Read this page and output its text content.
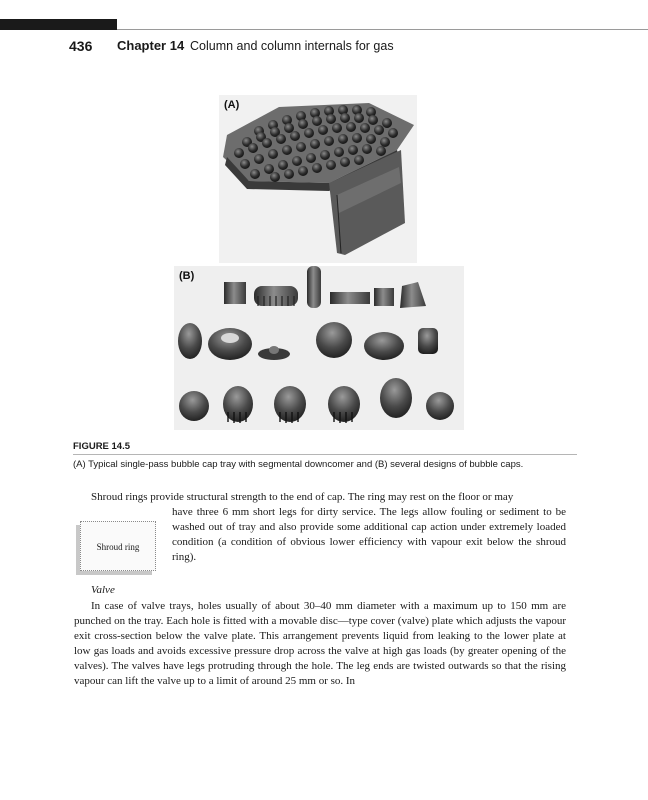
436 Chapter 14 Column and column internals for gas
(A)
(B)
FIGURE 14.5
(A) Typical single-pass bubble cap tray with segmental downcomer and (B) several designs of bubble caps.
Shroud rings provide structural strength to the end of cap. The ring may rest on the floor or may
have three 6 mm short legs for dirty service. The legs allow fouling or sediment to be washed out of tray and also provide some additional cap action under extremely loaded condition (a condition of obvious lower efficiency with vapour exit below the shroud ring).
Shroud ring
Valve
In case of valve trays, holes usually of about 30–40 mm diameter with a maximum up to 150 mm are punched on the tray. Each hole is fitted with a movable disc—type cover (valve) plate which adjusts the vapour exit cross-section below the valve plate. This arrangement prevents liquid from leaking to the lower plate at low gas loads and avoids excessive pressure drop across the valve at high gas loads (by greater opening of the valves). The valves have legs protruding through the hole. The leg ends are twisted outwards so that the rising vapour can lift the valve up to a limit of around 25 mm or so. In
